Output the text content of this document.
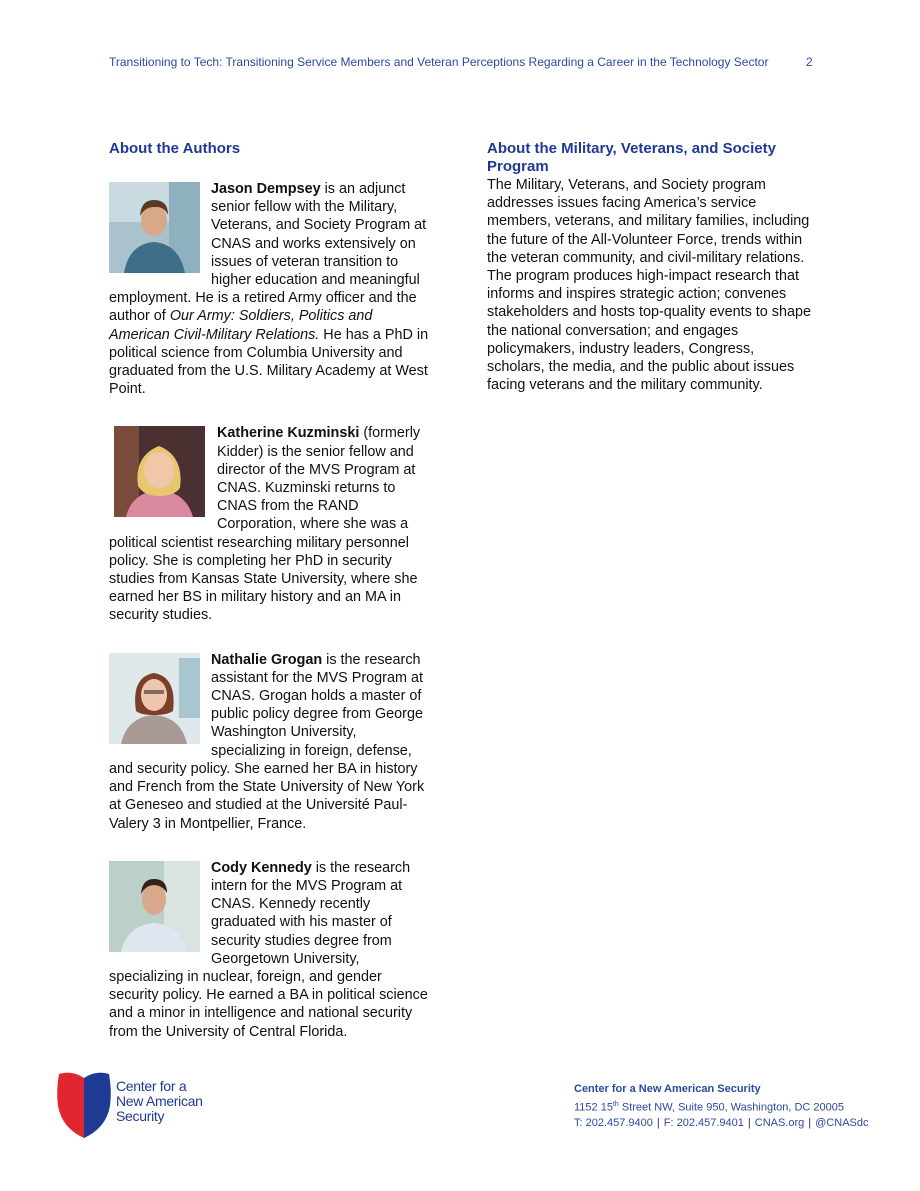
Transitioning to Tech: Transitioning Service Members and Veteran Perceptions Regarding a Career in the Technology Sector	2
About the Authors

Jason Dempsey is an adjunct senior fellow with the Military, Veterans, and Society Program at CNAS and works extensively on issues of veteran transition to higher education and meaningful employment. He is a retired Army officer and the author of Our Army: Soldiers, Politics and American Civil-Military Relations. He has a PhD in political science from Columbia University and graduated from the U.S. Military Academy at West Point.

Katherine Kuzminski (formerly Kidder) is the senior fellow and director of the MVS Program at CNAS. Kuzminski returns to CNAS from the RAND Corporation, where she was a political scientist researching military personnel policy. She is completing her PhD in security studies from Kansas State University, where she earned her BS in military history and an MA in security studies.

Nathalie Grogan is the research assistant for the MVS Program at CNAS. Grogan holds a master of public policy degree from George Washington University, specializing in foreign, defense, and security policy. She earned her BA in history and French from the State University of New York at Geneseo and studied at the Université Paul-Valery 3 in Montpellier, France.

Cody Kennedy is the research intern for the MVS Program at CNAS. Kennedy recently graduated with his master of security studies degree from Georgetown University, specializing in nuclear, foreign, and gender security policy. He earned a BA in political science and a minor in intelligence and national security from the University of Central Florida.

About the Military, Veterans, and Society Program

The Military, Veterans, and Society program addresses issues facing America’s service members, veterans, and military families, including the future of the All-Volunteer Force, trends within the veteran community, and civil-military relations. The program produces high-impact research that informs and inspires strategic action; convenes stakeholders and hosts top-quality events to shape the national conversation; and engages policymakers, industry leaders, Congress, scholars, the media, and the public about issues facing veterans and the military community.

Center for a
New American
Security
Center for a New American Security
1152 15th Street NW, Suite 950, Washington, DC 20005
T: 202.457.9400 | F: 202.457.9401 | CNAS.org | @CNASdc
